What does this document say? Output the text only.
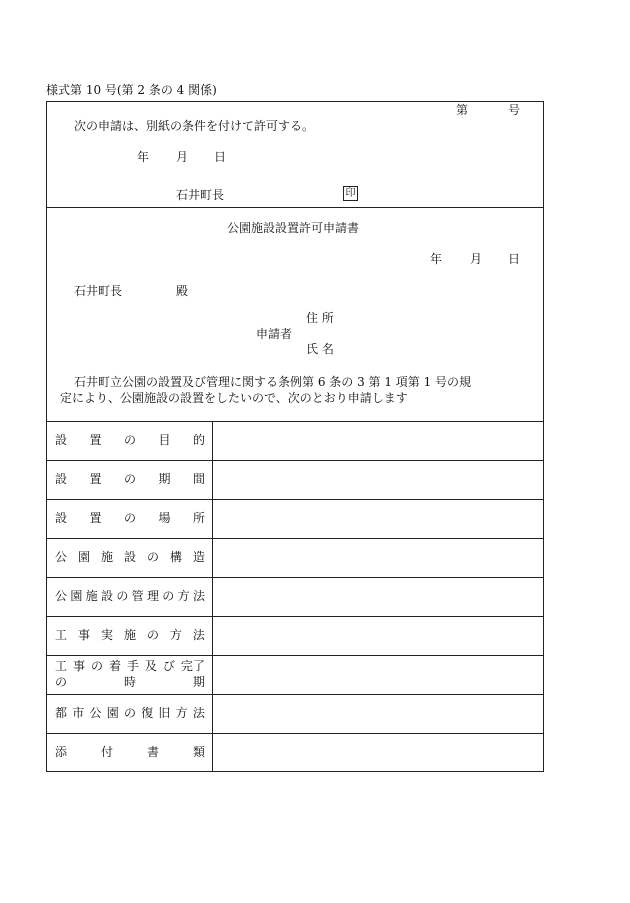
様式第 10 号(第 2 条の 4 関係)
第	号
次の申請は、別紙の条件を付けて許可する。
年 月 日
石井町長	印
公園施設設置許可申請書
年 月 日
石井町長	殿
住 所
申請者
氏 名
石井町立公園の設置及び管理に関する条例第 6 条の 3 第 1 項第 1 号の規
定により、公園施設の設置をしたいので、次のとおり申請します
設 置 の 目 的
設 置 の 期 間
設 置 の 場 所
公 園 施 設 の 構 造
公 園 施 設 の 管 理 の 方 法
工 事 実 施 の 方 法
工 事 の 着 手 及 び 完了
の	時	期
都 市 公 園 の 復 旧 方 法
添	付	書	類
